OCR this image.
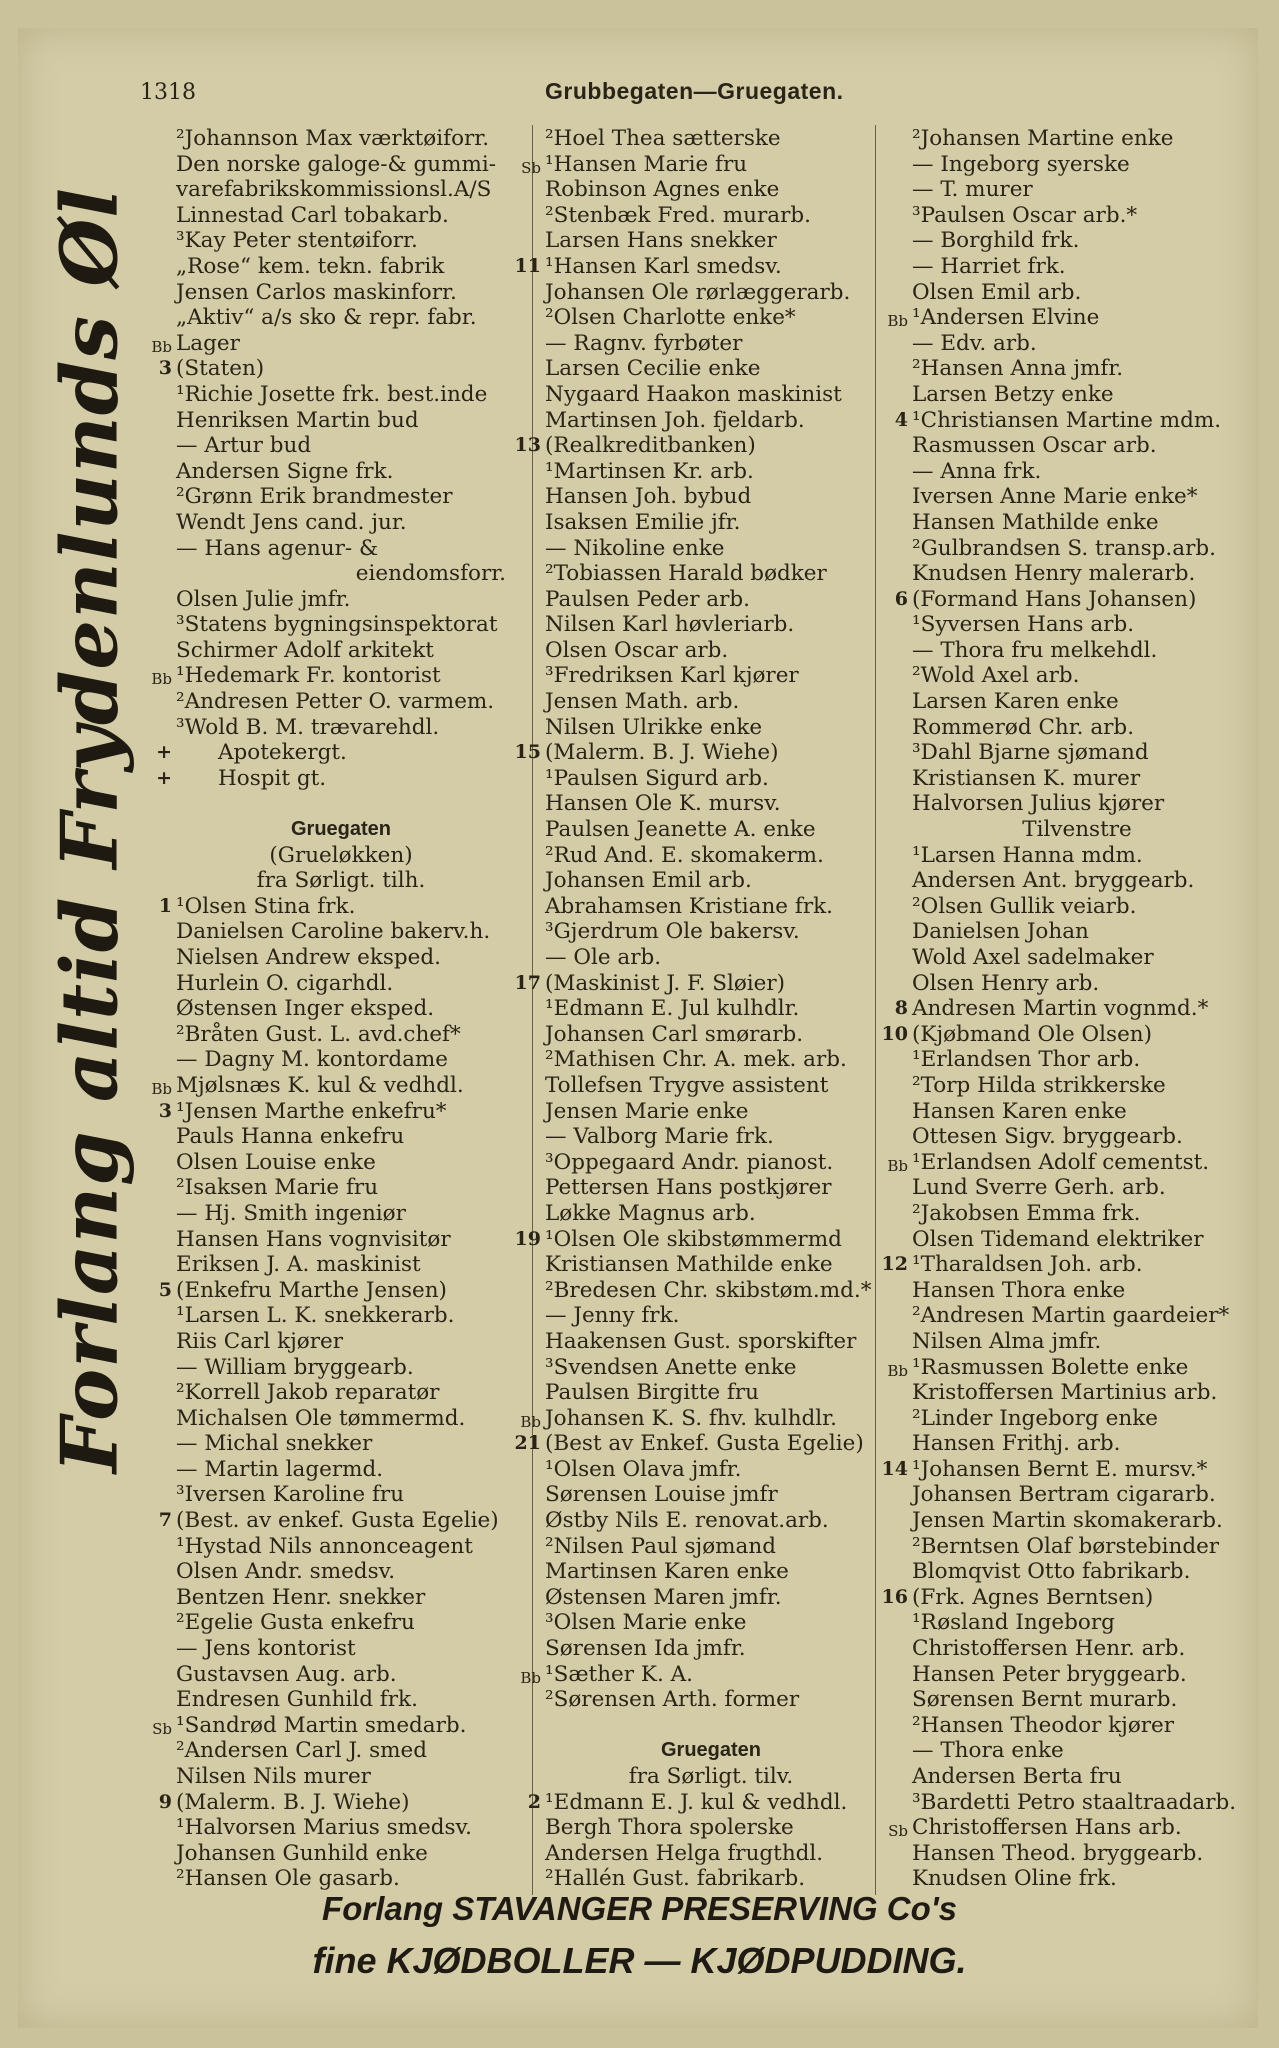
1318	Grubbegaten—Gruegaten.
Forlang altid Frydenlunds Øl
²Johannson Max værktøiforr.
Den norske galoge-& gummi-
varefabrikskommissionsl.A/S
Linnestad Carl tobakarb.
³Kay Peter stentøiforr.
„Rose“ kem. tekn. fabrik
Jensen Carlos maskinforr.
„Aktiv“ a/s sko & repr. fabr.
Bb Lager
3 (Staten)
¹Richie Josette frk. best.inde
Henriksen Martin bud
— Artur bud
Andersen Signe frk.
²Grønn Erik brandmester
Wendt Jens cand. jur.
— Hans agenur- &
eiendomsforr.
Olsen Julie jmfr.
³Statens bygningsinspektorat
Schirmer Adolf arkitekt
Bb ¹Hedemark Fr. kontorist
²Andresen Petter O. varmem.
³Wold B. M. trævarehdl.
+ Apotekergt.
+ Hospit gt.
Gruegaten
(Grueløkken)
fra Sørligt. tilh.
1 ¹Olsen Stina frk.
Danielsen Caroline bakerv.h.
Nielsen Andrew eksped.
Hurlein O. cigarhdl.
Østensen Inger eksped.
²Bråten Gust. L. avd.chef*
— Dagny M. kontordame
Bb Mjølsnæs K. kul & vedhdl.
3 ¹Jensen Marthe enkefru*
Pauls Hanna enkefru
Olsen Louise enke
²Isaksen Marie fru
— Hj. Smith ingeniør
Hansen Hans vognvisitør
Eriksen J. A. maskinist
5 (Enkefru Marthe Jensen)
¹Larsen L. K. snekkerarb.
Riis Carl kjører
— William bryggearb.
²Korrell Jakob reparatør
Michalsen Ole tømmermd.
— Michal snekker
— Martin lagermd.
³Iversen Karoline fru
7 (Best. av enkef. Gusta Egelie)
¹Hystad Nils annonceagent
Olsen Andr. smedsv.
Bentzen Henr. snekker
²Egelie Gusta enkefru
— Jens kontorist
Gustavsen Aug. arb.
Endresen Gunhild frk.
Sb ¹Sandrød Martin smedarb.
²Andersen Carl J. smed
Nilsen Nils murer
9 (Malerm. B. J. Wiehe)
¹Halvorsen Marius smedsv.
Johansen Gunhild enke
²Hansen Ole gasarb.
²Hoel Thea sætterske
Sb ¹Hansen Marie fru
Robinson Agnes enke
²Stenbæk Fred. murarb.
Larsen Hans snekker
11 ¹Hansen Karl smedsv.
Johansen Ole rørlæggerarb.
²Olsen Charlotte enke*
— Ragnv. fyrbøter
Larsen Cecilie enke
Nygaard Haakon maskinist
Martinsen Joh. fjeldarb.
13 (Realkreditbanken)
¹Martinsen Kr. arb.
Hansen Joh. bybud
Isaksen Emilie jfr.
— Nikoline enke
²Tobiassen Harald bødker
Paulsen Peder arb.
Nilsen Karl høvleriarb.
Olsen Oscar arb.
³Fredriksen Karl kjører
Jensen Math. arb.
Nilsen Ulrikke enke
15 (Malerm. B. J. Wiehe)
¹Paulsen Sigurd arb.
Hansen Ole K. mursv.
Paulsen Jeanette A. enke
²Rud And. E. skomakerm.
Johansen Emil arb.
Abrahamsen Kristiane frk.
³Gjerdrum Ole bakersv.
— Ole arb.
17 (Maskinist J. F. Sløier)
¹Edmann E. Jul kulhdlr.
Johansen Carl smørarb.
²Mathisen Chr. A. mek. arb.
Tollefsen Trygve assistent
Jensen Marie enke
— Valborg Marie frk.
³Oppegaard Andr. pianost.
Pettersen Hans postkjører
Løkke Magnus arb.
19 ¹Olsen Ole skibstømmermd
Kristiansen Mathilde enke
²Bredesen Chr. skibstøm.md.*
— Jenny frk.
Haakensen Gust. sporskifter
³Svendsen Anette enke
Paulsen Birgitte fru
Bb Johansen K. S. fhv. kulhdlr.
21 (Best av Enkef. Gusta Egelie)
¹Olsen Olava jmfr.
Sørensen Louise jmfr
Østby Nils E. renovat.arb.
²Nilsen Paul sjømand
Martinsen Karen enke
Østensen Maren jmfr.
³Olsen Marie enke
Sørensen Ida jmfr.
Bb ¹Sæther K. A.
²Sørensen Arth. former
Gruegaten
fra Sørligt. tilv.
2 ¹Edmann E. J. kul & vedhdl.
Bergh Thora spolerske
Andersen Helga frugthdl.
²Hallén Gust. fabrikarb.
²Johansen Martine enke
— Ingeborg syerske
— T. murer
³Paulsen Oscar arb.*
— Borghild frk.
— Harriet frk.
Olsen Emil arb.
Bb ¹Andersen Elvine
— Edv. arb.
²Hansen Anna jmfr.
Larsen Betzy enke
4 ¹Christiansen Martine mdm.
Rasmussen Oscar arb.
— Anna frk.
Iversen Anne Marie enke*
Hansen Mathilde enke
²Gulbrandsen S. transp.arb.
Knudsen Henry malerarb.
6 (Formand Hans Johansen)
¹Syversen Hans arb.
— Thora fru melkehdl.
²Wold Axel arb.
Larsen Karen enke
Rommerød Chr. arb.
³Dahl Bjarne sjømand
Kristiansen K. murer
Halvorsen Julius kjører
Tilvenstre
¹Larsen Hanna mdm.
Andersen Ant. bryggearb.
²Olsen Gullik veiarb.
Danielsen Johan
Wold Axel sadelmaker
Olsen Henry arb.
8 Andresen Martin vognmd.*
10 (Kjøbmand Ole Olsen)
¹Erlandsen Thor arb.
²Torp Hilda strikkerske
Hansen Karen enke
Ottesen Sigv. bryggearb.
Bb ¹Erlandsen Adolf cementst.
Lund Sverre Gerh. arb.
²Jakobsen Emma frk.
Olsen Tidemand elektriker
12 ¹Tharaldsen Joh. arb.
Hansen Thora enke
²Andresen Martin gaardeier*
Nilsen Alma jmfr.
Bb ¹Rasmussen Bolette enke
Kristoffersen Martinius arb.
²Linder Ingeborg enke
Hansen Frithj. arb.
14 ¹Johansen Bernt E. mursv.*
Johansen Bertram cigararb.
Jensen Martin skomakerarb.
²Berntsen Olaf børstebinder
Blomqvist Otto fabrikarb.
16 (Frk. Agnes Berntsen)
¹Røsland Ingeborg
Christoffersen Henr. arb.
Hansen Peter bryggearb.
Sørensen Bernt murarb.
²Hansen Theodor kjører
— Thora enke
Andersen Berta fru
³Bardetti Petro staaltraadarb.
Sb Christoffersen Hans arb.
Hansen Theod. bryggearb.
Knudsen Oline frk.
Forlang STAVANGER PRESERVING Co's
fine KJØDBOLLER — KJØDPUDDING.
